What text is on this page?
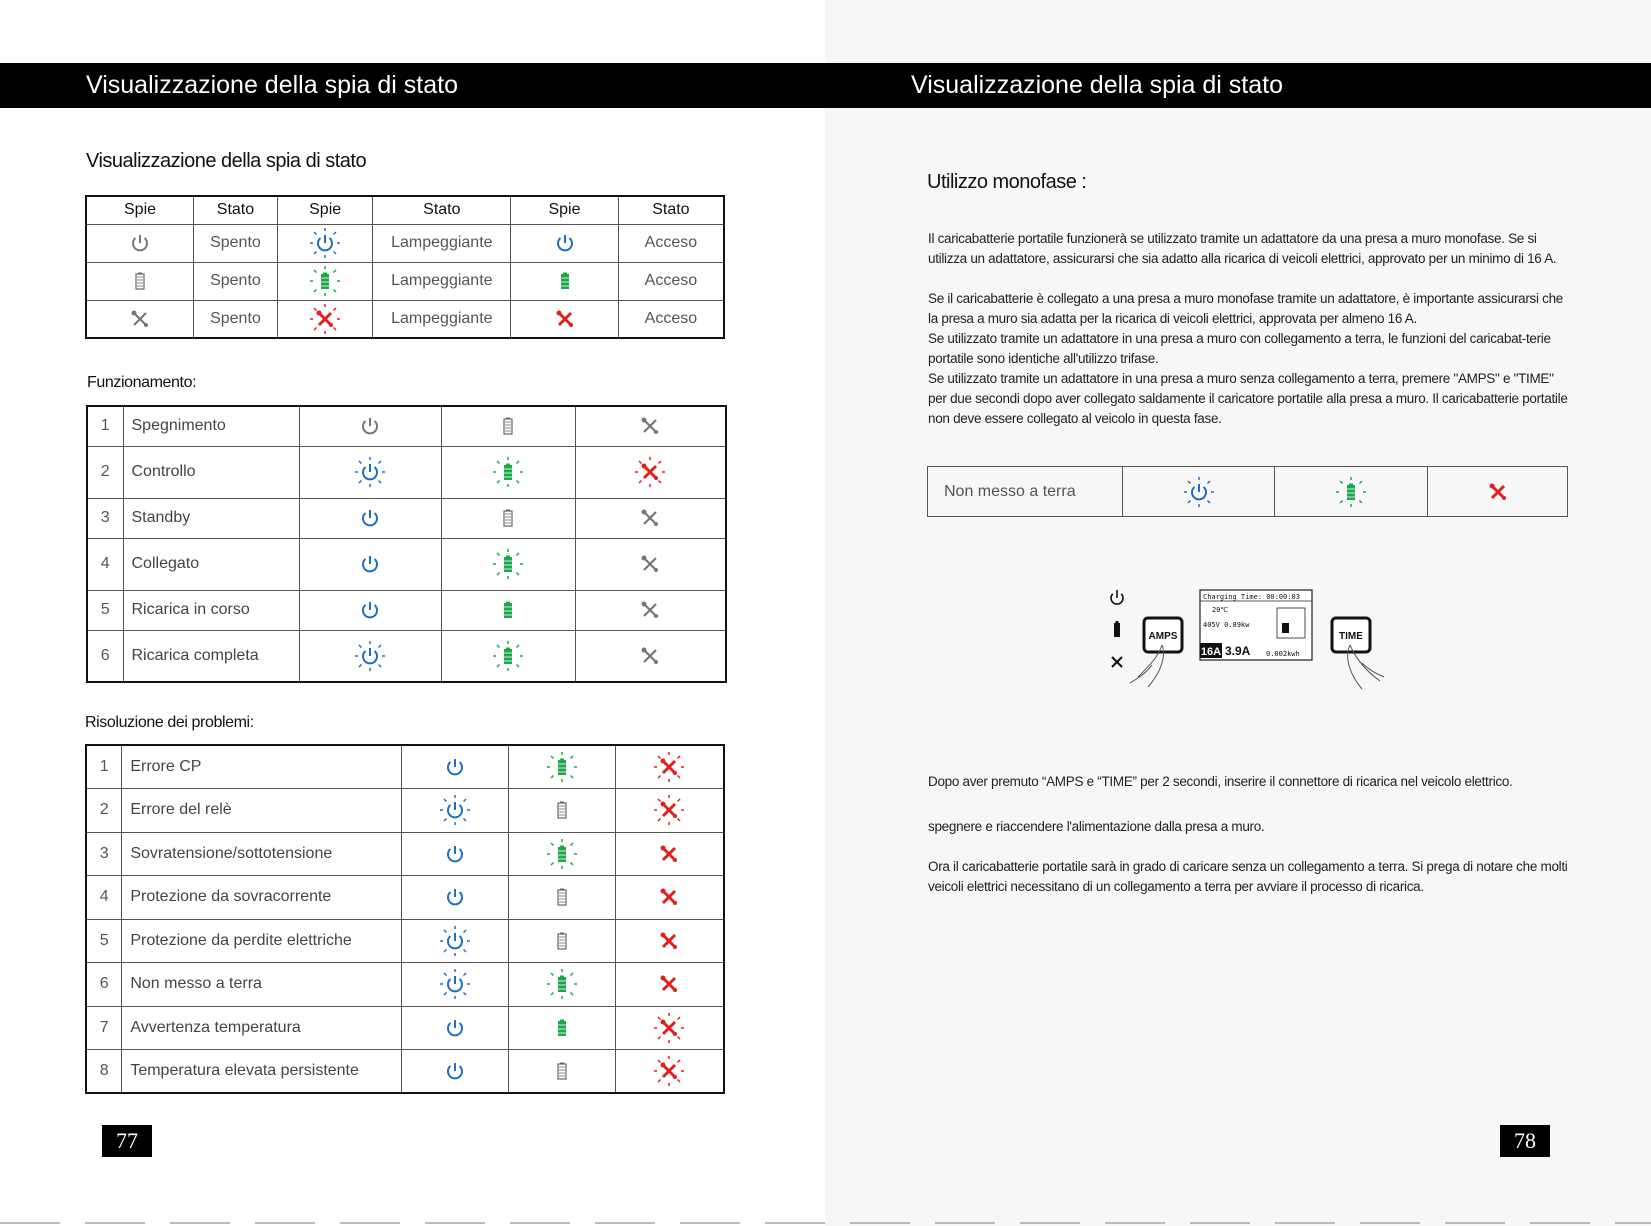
Visualizzazione della spia di stato
Visualizzazione della spia di stato
Spie	Stato	Spie	Stato	Spie	Stato
	Spento		Lampeggiante		Acceso
	Spento		Lampeggiante		Acceso
	Spento		Lampeggiante		Acceso
Funzionamento:
1	Spegnimento			
2	Controllo			
3	Standby			
4	Collegato			
5	Ricarica in corso			
6	Ricarica completa			
Risoluzione dei problemi:
1	Errore CP			
2	Errore del relè			
3	Sovratensione/sottotensione			
4	Protezione da sovracorrente			
5	Protezione da perdite elettriche			
6	Non messo a terra			
7	Avvertenza temperatura			
8	Temperatura elevata persistente			
77
Visualizzazione della spia di stato
Utilizzo monofase :
Non messo a terra			
Il caricabatterie portatile funzionerà se utilizzato tramite un adattatore da una presa a muro monofase. Se si utilizza un adattatore, assicurarsi che sia adatto alla ricarica di veicoli elettrici, approvato per un minimo di 16 A.
Se il caricabatterie è collegato a una presa a muro monofase tramite un adattatore, è importante assicurarsi che la presa a muro sia adatta per la ricarica di veicoli elettrici, approvata per almeno 16 A.
Se utilizzato tramite un adattatore in una presa a muro con collegamento a terra, le funzioni del caricabat-terie portatile sono identiche all'utilizzo trifase.
Se utilizzato tramite un adattatore in una presa a muro senza collegamento a terra, premere "AMPS" e "TIME" per due secondi dopo aver collegato saldamente il caricatore portatile alla presa a muro. Il caricabatterie portatile non deve essere collegato al veicolo in questa fase.
AMPS
Charging Time: 00:00:03
20℃
405V 0.89kw
16A 3.9A 0.002kwh
TIME
Dopo aver premuto “AMPS e “TIME” per 2 secondi, inserire il connettore di ricarica nel veicolo elettrico.
spegnere e riaccendere l'alimentazione dalla presa a muro.
Ora il caricabatterie portatile sarà in grado di caricare senza un collegamento a terra. Si prega di notare che molti veicoli elettrici necessitano di un collegamento a terra per avviare il processo di ricarica.
78
